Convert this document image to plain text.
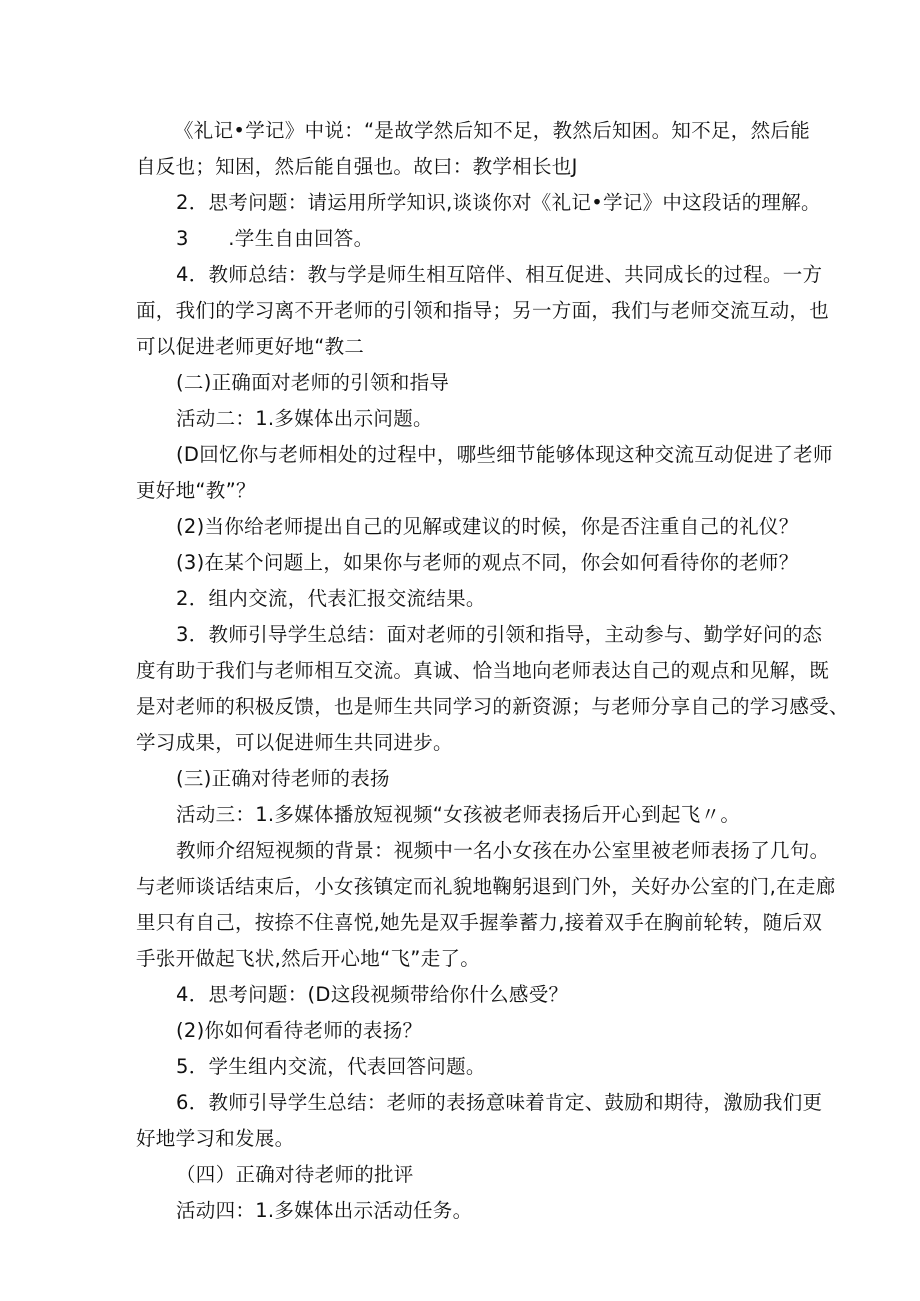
《礼记•学记》中说：“是故学然后知不足，教然后知困。知不足，然后能
自反也；知困，然后能自强也。故曰：教学相长也J
2．思考问题：请运用所学知识,谈谈你对《礼记•学记》中这段话的理解。
3　　.学生自由回答。
4．教师总结：教与学是师生相互陪伴、相互促进、共同成长的过程。一方
面，我们的学习离不开老师的引领和指导；另一方面，我们与老师交流互动，也
可以促进老师更好地“教二
(二)正确面对老师的引领和指导
活动二：1.多媒体出示问题。
(D回忆你与老师相处的过程中，哪些细节能够体现这种交流互动促进了老师
更好地“教”？
(2)当你给老师提出自己的见解或建议的时候，你是否注重自己的礼仪？
(3)在某个问题上，如果你与老师的观点不同，你会如何看待你的老师？
2．组内交流，代表汇报交流结果。
3．教师引导学生总结：面对老师的引领和指导，主动参与、勤学好问的态
度有助于我们与老师相互交流。真诚、恰当地向老师表达自己的观点和见解，既
是对老师的积极反馈，也是师生共同学习的新资源；与老师分享自己的学习感受、
学习成果，可以促进师生共同进步。
(三)正确对待老师的表扬
活动三：1.多媒体播放短视频“女孩被老师表扬后开心到起飞〃。
教师介绍短视频的背景：视频中一名小女孩在办公室里被老师表扬了几句。
与老师谈话结束后，小女孩镇定而礼貌地鞠躬退到门外，关好办公室的门,在走廊
里只有自己，按捺不住喜悦,她先是双手握拳蓄力,接着双手在胸前轮转，随后双
手张开做起飞状,然后开心地“飞”走了。
4．思考问题：(D这段视频带给你什么感受？
(2)你如何看待老师的表扬？
5．学生组内交流，代表回答问题。
6．教师引导学生总结：老师的表扬意味着肯定、鼓励和期待，激励我们更
好地学习和发展。
（四）正确对待老师的批评
活动四：1.多媒体出示活动任务。
